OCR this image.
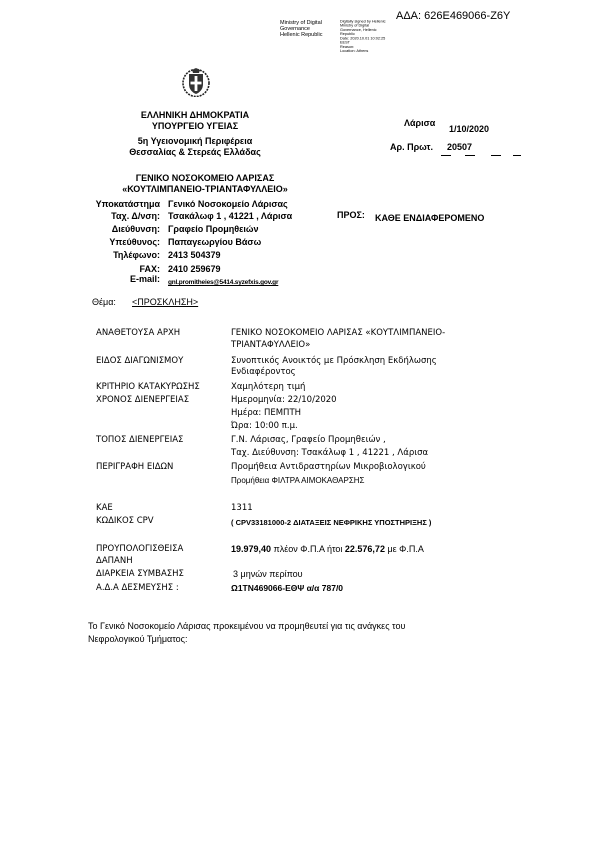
ΑΔΑ: 626Ε469066-Ζ6Υ
Ministry of Digital
Governance
Hellenic Republic
Digitally signed by Hellenic
Ministry of Digital
Governance, Hellenic
Republic
Date: 2020.10.01 10:02:25
EEST
Reason:
Location: Athens
ΕΛΛΗΝΙΚΗ ΔΗΜΟΚΡΑΤΙΑ
ΥΠΟΥΡΓΕΙΟ ΥΓΕΙΑΣ
5η Υγειονομική Περιφέρεια
Θεσσαλίας & Στερεάς Ελλάδας
Λάρισα
1/10/2020
Αρ. Πρωτ. 20507
ΓΕΝΙΚΟ ΝΟΣΟΚΟΜΕΙΟ ΛΑΡΙΣΑΣ
«ΚΟΥΤΛΙΜΠΑΝΕΙΟ-ΤΡΙΑΝΤΑΦΥΛΛΕΙΟ»
Υποκατάστημα Γενικό Νοσοκομείο Λάρισας
Ταχ. Δ/νση: Τσακάλωφ 1 , 41221 , Λάρισα
Διεύθυνση: Γραφείο Προμηθειών
Υπεύθυνος: Παπαγεωργίου Βάσω
Τηλέφωνο: 2413 504379
FAX: 2410 259679
E-mail: gnl.promitheies@5414.syzefxis.gov.gr
ΠΡΟΣ: ΚΑΘΕ ΕΝΔΙΑΦΕΡΟΜΕΝΟ
Θέμα: <ΠΡΟΣΚΛΗΣΗ>
ΑΝΑΘΕΤΟΥΣΑ ΑΡΧΗ	ΓΕΝΙΚΟ ΝΟΣΟΚΟΜΕΙΟ ΛΑΡΙΣΑΣ «ΚΟΥΤΛΙΜΠΑΝΕΙΟ-
ΤΡΙΑΝΤΑΦΥΛΛΕΙΟ»
ΕΙΔΟΣ ΔΙΑΓΩΝΙΣΜΟΥ	Συνοπτικός Ανοικτός με Πρόσκληση Εκδήλωσης
Ενδιαφέροντος
ΚΡΙΤΗΡΙΟ ΚΑΤΑΚΥΡΩΣΗΣ	Χαμηλότερη τιμή
ΧΡΟΝΟΣ ΔΙΕΝΕΡΓΕΙΑΣ	Ημερομηνία: 22/10/2020
Ημέρα: ΠΕΜΠΤΗ
Ώρα: 10:00 π.μ.
ΤΟΠΟΣ ΔΙΕΝΕΡΓΕΙΑΣ	Γ.Ν. Λάρισας, Γραφείο Προμηθειών ,
Ταχ. Διεύθυνση: Τσακάλωφ 1 , 41221 , Λάρισα
ΠΕΡΙΓΡΑΦΗ ΕΙΔΩΝ	Προμήθεια Αντιδραστηρίων Μικροβιολογικού
Προμήθεια ΦΙΛΤΡΑ ΑΙΜΟΚΑΘΑΡΣΗΣ
ΚΑΕ	1311
ΚΩΔΙΚΟΣ CPV	( CPV33181000-2 ΔΙΑΤΑΞΕΙΣ ΝΕΦΡΙΚΗΣ ΥΠΟΣΤΗΡΙΞΗΣ )
ΠΡΟΥΠΟΛΟΓΙΣΘΕΙΣΑ
ΔΑΠΑΝΗ
19.979,40 πλέον Φ.Π.Α ήτοι 22.576,72 με Φ.Π.Α
ΔΙΑΡΚΕΙΑ ΣΥΜΒΑΣΗΣ	3 μηνών περίπου
Α.Δ.Α ΔΕΣΜΕΥΣΗΣ :	Ω1ΤΝ469066-ΕΘΨ α/α 787/0
Το Γενικό Νοσοκομείο Λάρισας προκειμένου να προμηθευτεί για τις ανάγκες του
Νεφρολογικού Τμήματος:
